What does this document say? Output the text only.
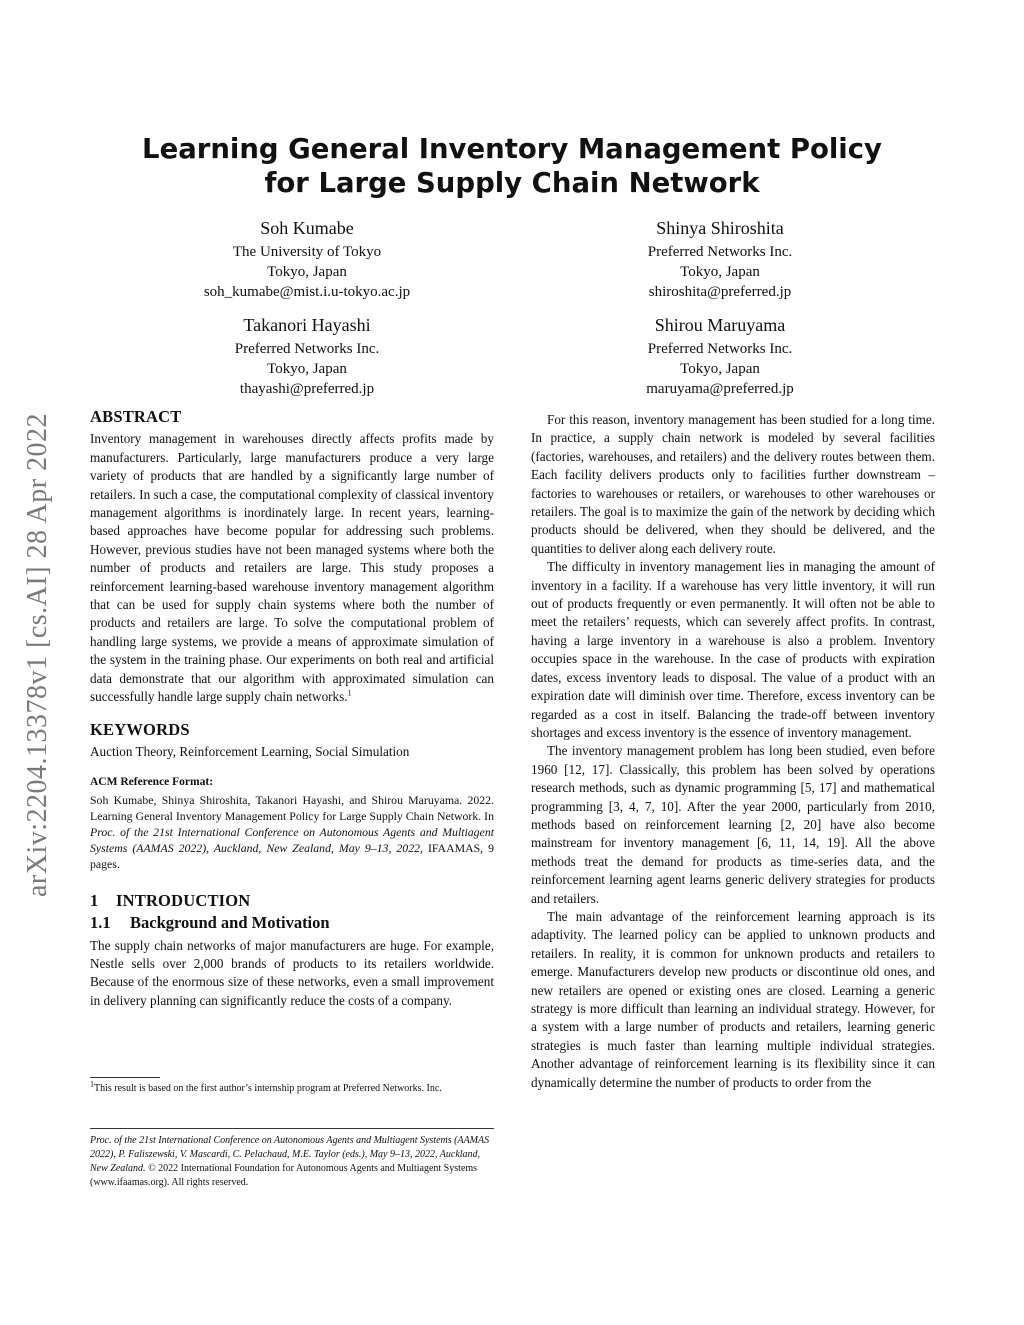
arXiv:2204.13378v1 [cs.AI] 28 Apr 2022
Learning General Inventory Management Policy
for Large Supply Chain Network
Soh Kumabe
The University of Tokyo
Tokyo, Japan
soh_kumabe@mist.i.u-tokyo.ac.jp
Shinya Shiroshita
Preferred Networks Inc.
Tokyo, Japan
shiroshita@preferred.jp
Takanori Hayashi
Preferred Networks Inc.
Tokyo, Japan
thayashi@preferred.jp
Shirou Maruyama
Preferred Networks Inc.
Tokyo, Japan
maruyama@preferred.jp
ABSTRACT

Inventory management in warehouses directly affects profits made by manufacturers. Particularly, large manufacturers produce a very large variety of products that are handled by a significantly large number of retailers. In such a case, the computational complexity of classical inventory management algorithms is inordinately large. In recent years, learning-based approaches have become popular for addressing such problems. However, previous studies have not been managed systems where both the number of products and retailers are large. This study proposes a reinforcement learning-based warehouse inventory management algorithm that can be used for supply chain systems where both the number of products and retailers are large. To solve the computational problem of handling large systems, we provide a means of approximate simulation of the system in the training phase. Our experiments on both real and artificial data demonstrate that our algorithm with approximated simulation can successfully handle large supply chain networks.$^1$

KEYWORDS

Auction Theory, Reinforcement Learning, Social Simulation

ACM Reference Format:

Soh Kumabe, Shinya Shiroshita, Takanori Hayashi, and Shirou Maruyama. 2022. Learning General Inventory Management Policy for Large Supply Chain Network. In Proc. of the 21st International Conference on Autonomous Agents and Multiagent Systems (AAMAS 2022), Auckland, New Zealand, May 9–13, 2022, IFAAMAS, 9 pages.

1 INTRODUCTION
1.1 Background and Motivation

The supply chain networks of major manufacturers are huge. For example, Nestle sells over 2,000 brands of products to its retailers worldwide. Because of the enormous size of these networks, even a small improvement in delivery planning can significantly reduce the costs of a company.

$^1$This result is based on the first author’s internship program at Preferred Networks. Inc.

Proc. of the 21st International Conference on Autonomous Agents and Multiagent Systems (AAMAS 2022), P. Faliszewski, V. Mascardi, C. Pelachaud, M.E. Taylor (eds.), May 9–13, 2022, Auckland, New Zealand. © 2022 International Foundation for Autonomous Agents and Multiagent Systems (www.ifaamas.org). All rights reserved.

For this reason, inventory management has been studied for a long time. In practice, a supply chain network is modeled by several facilities (factories, warehouses, and retailers) and the delivery routes between them. Each facility delivers products only to facilities further downstream – factories to warehouses or retailers, or warehouses to other warehouses or retailers. The goal is to maximize the gain of the network by deciding which products should be delivered, when they should be delivered, and the quantities to deliver along each delivery route.

The difficulty in inventory management lies in managing the amount of inventory in a facility. If a warehouse has very little inventory, it will run out of products frequently or even permanently. It will often not be able to meet the retailers’ requests, which can severely affect profits. In contrast, having a large inventory in a warehouse is also a problem. Inventory occupies space in the warehouse. In the case of products with expiration dates, excess inventory leads to disposal. The value of a product with an expiration date will diminish over time. Therefore, excess inventory can be regarded as a cost in itself. Balancing the trade-off between inventory shortages and excess inventory is the essence of inventory management.

The inventory management problem has long been studied, even before 1960 [12, 17]. Classically, this problem has been solved by operations research methods, such as dynamic programming [5, 17] and mathematical programming [3, 4, 7, 10]. After the year 2000, particularly from 2010, methods based on reinforcement learning [2, 20] have also become mainstream for inventory management [6, 11, 14, 19]. All the above methods treat the demand for products as time-series data, and the reinforcement learning agent learns generic delivery strategies for products and retailers.

The main advantage of the reinforcement learning approach is its adaptivity. The learned policy can be applied to unknown products and retailers. In reality, it is common for unknown products and retailers to emerge. Manufacturers develop new products or discontinue old ones, and new retailers are opened or existing ones are closed. Learning a generic strategy is more difficult than learning an individual strategy. However, for a system with a large number of products and retailers, learning generic strategies is much faster than learning multiple individual strategies. Another advantage of reinforcement learning is its flexibility since it can dynamically determine the number of products to order from the
